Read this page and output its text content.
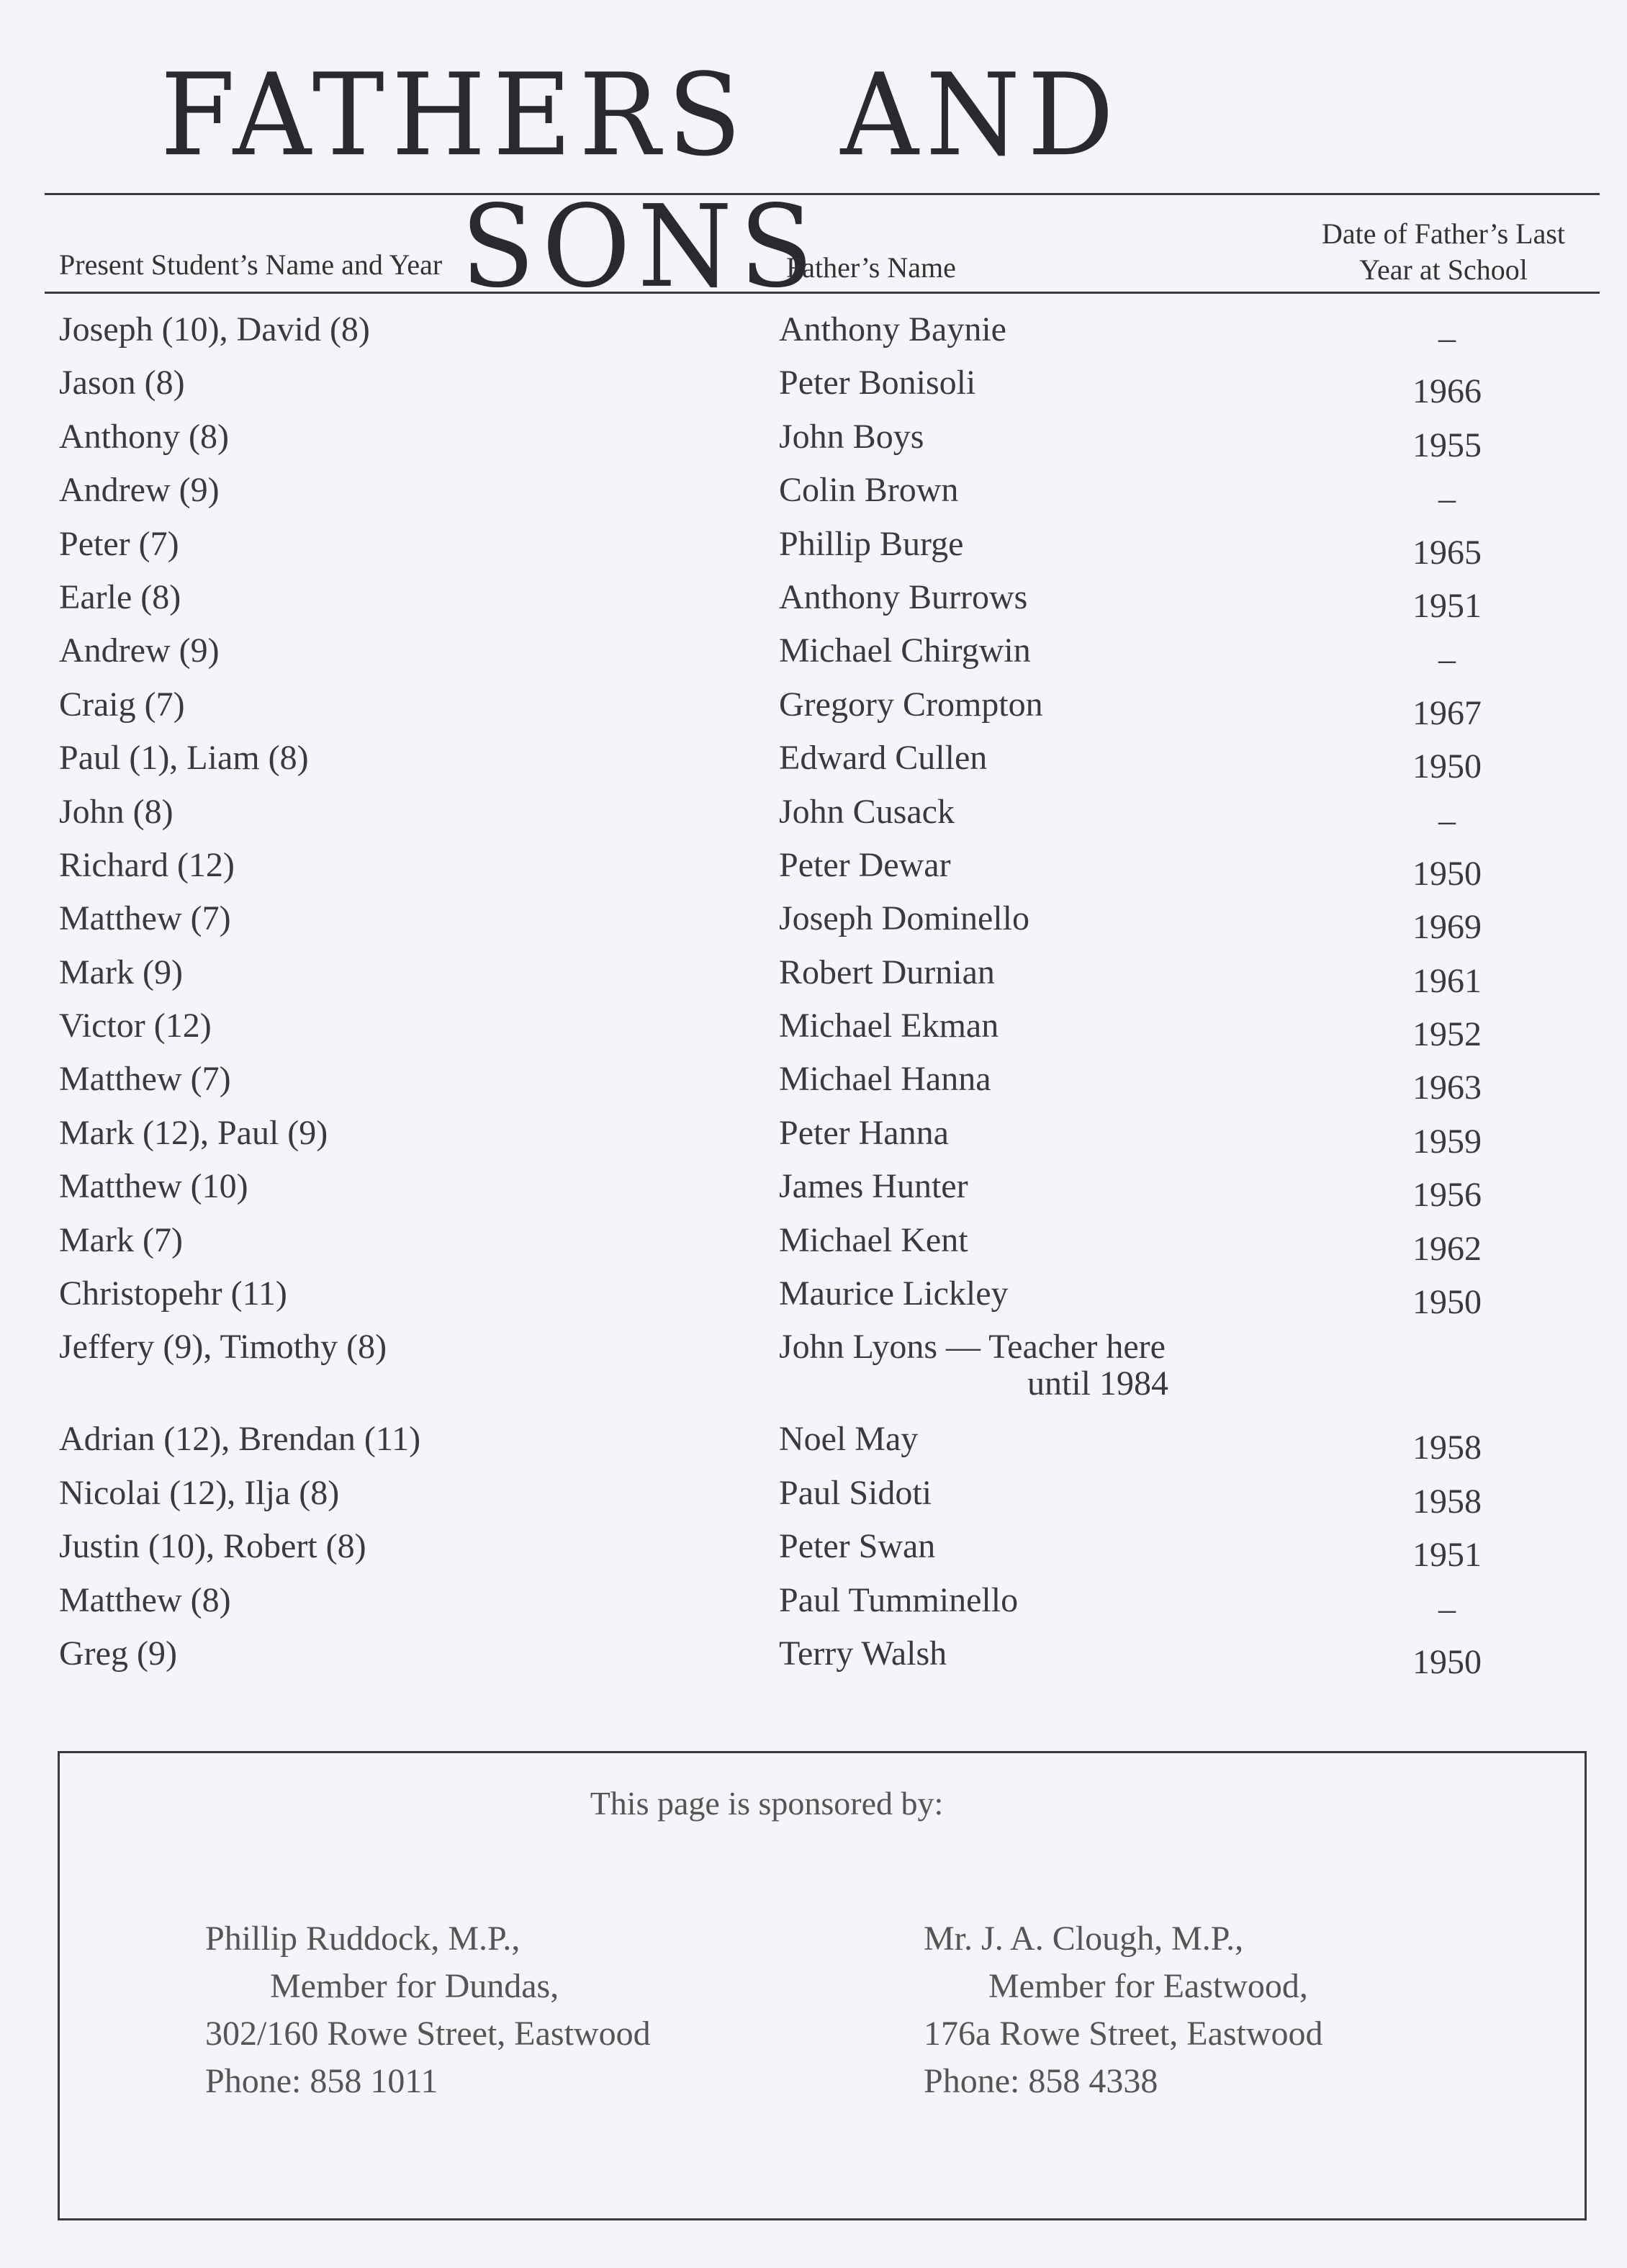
FATHERS AND SONS
Present Student’s Name and Year	Father’s Name
Date of Father’s Last
Year at School
Joseph (10), David (8)	Anthony Baynie	–
Jason (8)	Peter Bonisoli	1966
Anthony (8)	John Boys	1955
Andrew (9)	Colin Brown	–
Peter (7)	Phillip Burge	1965
Earle (8)	Anthony Burrows	1951
Andrew (9)	Michael Chirgwin	–
Craig (7)	Gregory Crompton	1967
Paul (1), Liam (8)	Edward Cullen	1950
John (8)	John Cusack	–
Richard (12)	Peter Dewar	1950
Matthew (7)	Joseph Dominello	1969
Mark (9)	Robert Durnian	1961
Victor (12)	Michael Ekman	1952
Matthew (7)	Michael Hanna	1963
Mark (12), Paul (9)	Peter Hanna	1959
Matthew (10)	James Hunter	1956
Mark (7)	Michael Kent	1962
Christopehr (11)	Maurice Lickley	1950
Jeffery (9), Timothy (8)	John Lyons — Teacher here
until 1984
Adrian (12), Brendan (11)	Noel May	1958
Nicolai (12), Ilja (8)	Paul Sidoti	1958
Justin (10), Robert (8)	Peter Swan	1951
Matthew (8)	Paul Tumminello	–
Greg (9)	Terry Walsh	1950
This page is sponsored by:
Phillip Ruddock, M.P.,
Member for Dundas,
302/160 Rowe Street, Eastwood
Phone: 858 1011
Mr. J. A. Clough, M.P.,
Member for Eastwood,
176a Rowe Street, Eastwood
Phone: 858 4338
